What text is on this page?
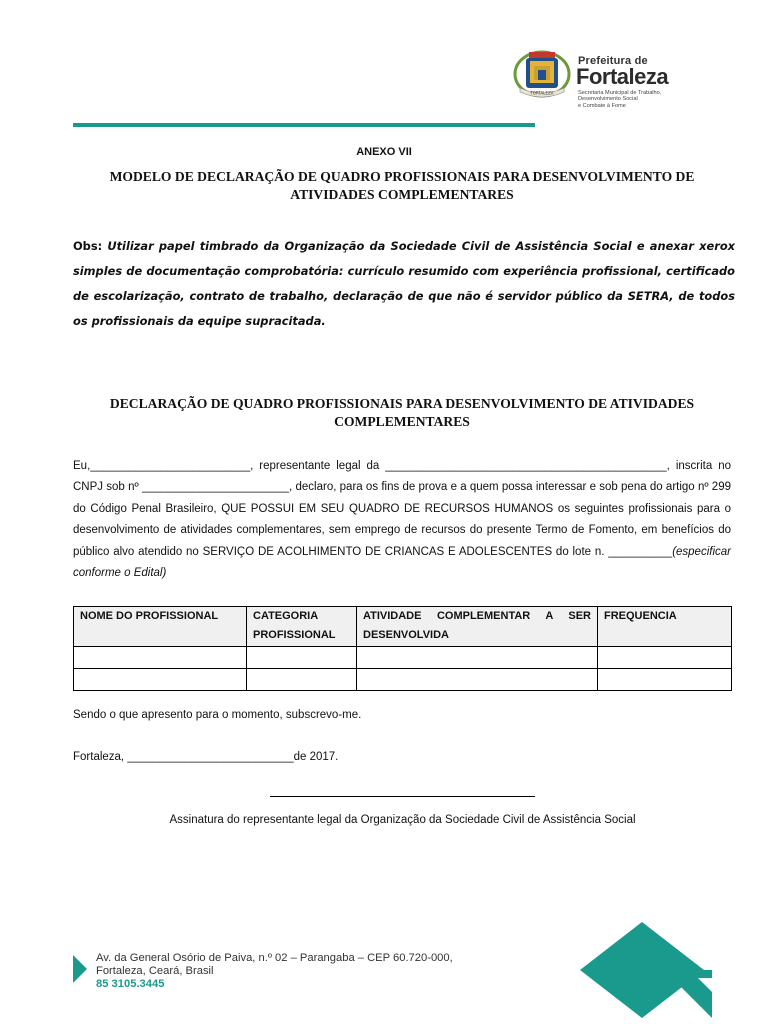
FORTALEZA
Prefeitura de
Fortaleza
Secretaria Municipal de Trabalho,
Desenvolvimento Social
e Combate à Fome
ANEXO VII
MODELO DE DECLARAÇÃO DE QUADRO PROFISSIONAIS PARA DESENVOLVIMENTO DE ATIVIDADES COMPLEMENTARES
Obs: Utilizar papel timbrado da Organização da Sociedade Civil de Assistência Social e anexar xerox simples de documentação comprobatória: currículo resumido com experiência profissional, certificado de escolarização, contrato de trabalho, declaração de que não é servidor público da SETRA, de todos os profissionais da equipe supracitada.
DECLARAÇÃO DE QUADRO PROFISSIONAIS PARA DESENVOLVIMENTO DE ATIVIDADES COMPLEMENTARES
Eu,_________________________, representante legal da ____________________________________________, inscrita no CNPJ sob nº _______________________, declaro, para os fins de prova e a quem possa interessar e sob pena do artigo nº 299 do Código Penal Brasileiro, QUE POSSUI EM SEU QUADRO DE RECURSOS HUMANOS os seguintes profissionais para o desenvolvimento de atividades complementares, sem emprego de recursos do presente Termo de Fomento, em benefícios do público alvo atendido no SERVIÇO DE ACOLHIMENTO DE CRIANCAS E ADOLESCENTES do lote n. __________(especificar conforme o Edital)
NOME DO PROFISSIONAL	CATEGORIA PROFISSIONAL	ATIVIDADE COMPLEMENTAR A SER DESENVOLVIDA	FREQUENCIA

Sendo o que apresento para o momento, subscrevo-me.
Fortaleza, __________________________de 2017.
Assinatura do representante legal da Organização da Sociedade Civil de Assistência Social
Av. da General Osório de Paiva, n.º 02 – Parangaba – CEP 60.720-000,
Fortaleza, Ceará, Brasil
85 3105.3445
